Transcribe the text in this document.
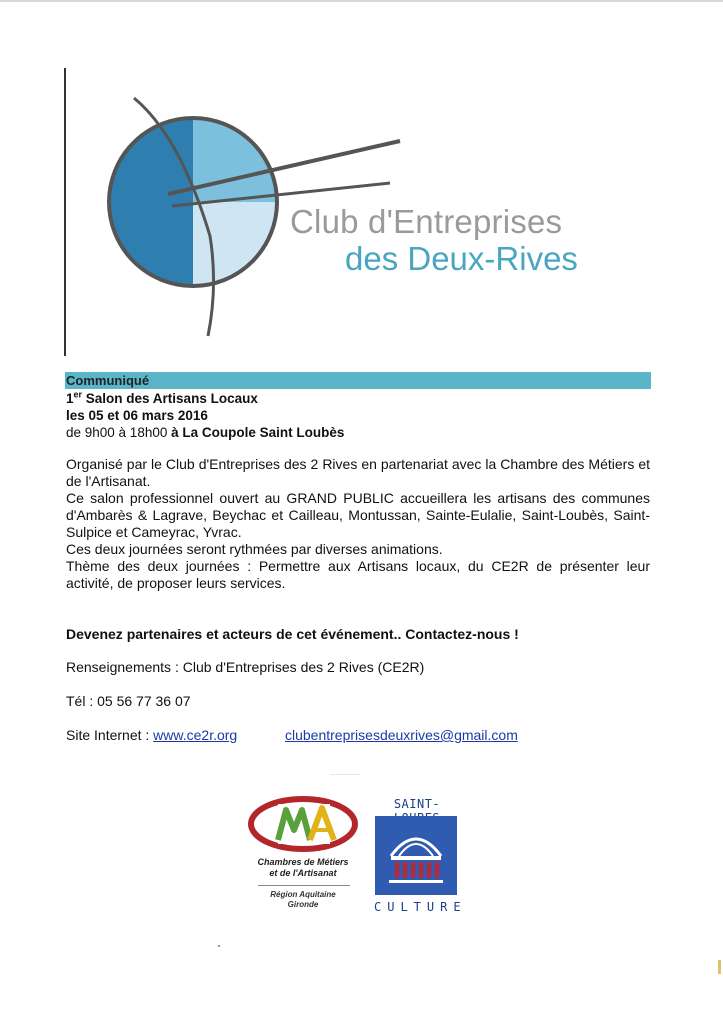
Club d'Entreprises
des Deux-Rives
Communiqué
1er Salon des Artisans Locaux
les 05 et 06 mars 2016
de 9h00 à 18h00 à La Coupole Saint Loubès

Organisé par le Club d'Entreprises des 2 Rives en partenariat avec la Chambre des Métiers et de l'Artisanat.

Ce salon professionnel ouvert au GRAND PUBLIC accueillera les artisans des communes d'Ambarès & Lagrave, Beychac et Cailleau, Montussan, Sainte-Eulalie, Saint-Loubès, Saint-Sulpice et Cameyrac, Yvrac.

Ces deux journées seront rythmées par diverses animations.

Thème des deux journées : Permettre aux Artisans locaux, du CE2R de présenter leur activité, de proposer leurs services.

Devenez partenaires et acteurs de cet événement.. Contactez-nous !
Renseignements : Club d'Entreprises des 2 Rives (CE2R)
Tél : 05 56 77 36 07
Site Internet : www.ce2r.org	clubentreprisesdeuxrives@gmail.com
Chambres de Métiers
et de l'Artisanat
Région Aquitaine
Gironde
SAINT-
CULTURE
